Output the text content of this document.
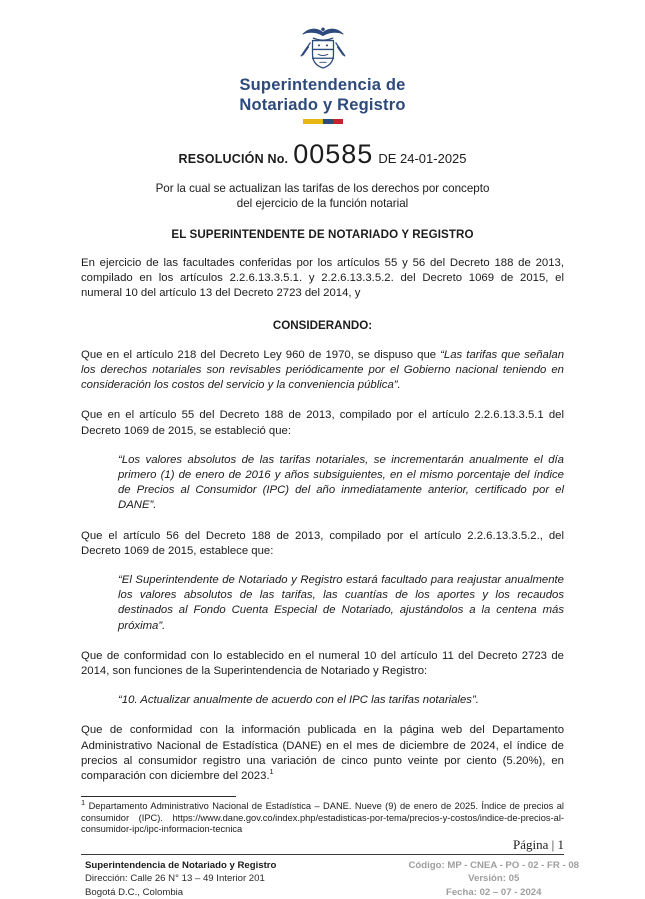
Superintendencia de
Notariado y Registro
RESOLUCIÓN No. 00585 DE 24-01-2025
Por la cual se actualizan las tarifas de los derechos por concepto
del ejercicio de la función notarial
EL SUPERINTENDENTE DE NOTARIADO Y REGISTRO

En ejercicio de las facultades conferidas por los artículos 55 y 56 del Decreto 188 de 2013, compilado en los artículos 2.2.6.13.3.5.1. y 2.2.6.13.3.5.2. del Decreto 1069 de 2015, el numeral 10 del artículo 13 del Decreto 2723 del 2014, y

CONSIDERANDO:

Que en el artículo 218 del Decreto Ley 960 de 1970, se dispuso que “Las tarifas que señalan los derechos notariales son revisables periódicamente por el Gobierno nacional teniendo en consideración los costos del servicio y la conveniencia pública”.

Que en el artículo 55 del Decreto 188 de 2013, compilado por el artículo 2.2.6.13.3.5.1 del Decreto 1069 de 2015, se estableció que:

“Los valores absolutos de las tarifas notariales, se incrementarán anualmente el día primero (1) de enero de 2016 y años subsiguientes, en el mismo porcentaje del índice de Precios al Consumidor (IPC) del año inmediatamente anterior, certificado por el DANE”.

Que el artículo 56 del Decreto 188 de 2013, compilado por el artículo 2.2.6.13.3.5.2., del Decreto 1069 de 2015, establece que:

“El Superintendente de Notariado y Registro estará facultado para reajustar anualmente los valores absolutos de las tarifas, las cuantías de los aportes y los recaudos destinados al Fondo Cuenta Especial de Notariado, ajustándolos a la centena más próxima”.

Que de conformidad con lo establecido en el numeral 10 del artículo 11 del Decreto 2723 de 2014, son funciones de la Superintendencia de Notariado y Registro:

“10. Actualizar anualmente de acuerdo con el IPC las tarifas notariales”.

Que de conformidad con la información publicada en la página web del Departamento Administrativo Nacional de Estadística (DANE) en el mes de diciembre de 2024, el índice de precios al consumidor registro una variación de cinco punto veinte por ciento (5.20%), en comparación con diciembre del 2023.$^1$

$^1$ Departamento Administrativo Nacional de Estadística – DANE. Nueve (9) de enero de 2025. Índice de precios al consumidor (IPC). https://www.dane.gov.co/index.php/estadisticas-por-tema/precios-y-costos/indice-de-precios-al-consumidor-ipc/ipc-informacion-tecnica

Página | 1
Superintendencia de Notariado y Registro
Dirección: Calle 26 N° 13 – 49 Interior 201
Bogotá D.C., Colombia
Código: MP - CNEA - PO - 02 - FR - 08
Versión: 05
Fecha: 02 – 07 - 2024
